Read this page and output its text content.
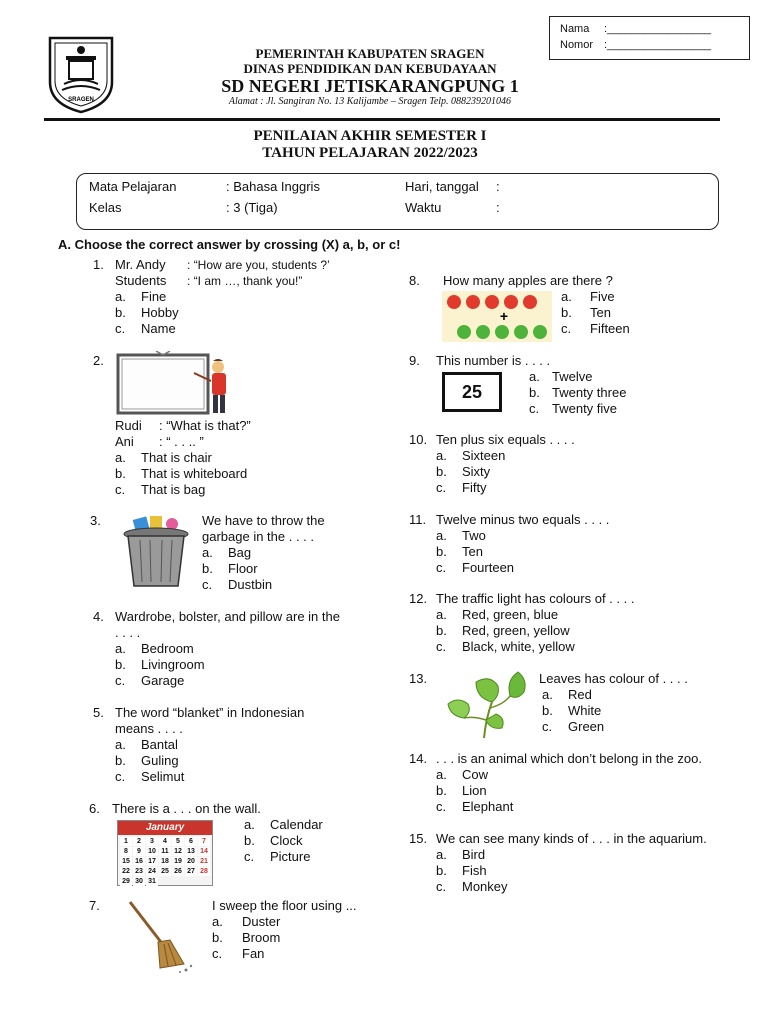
Nama	:_________________
Nomor :_________________
SRAGEN
PEMERINTAH KABUPATEN SRAGEN
DINAS PENDIDIKAN DAN KEBUDAYAAN
SD NEGERI JETISKARANGPUNG 1
Alamat : Jl. Sangiran No. 13 Kalijambe – Sragen Telp. 088239201046
PENILAIAN AKHIR SEMESTER I
TAHUN PELAJARAN 2022/2023
Mata Pelajaran	: Bahasa Inggris	Hari, tanggal :
Kelas	: 3 (Tiga)	Waktu	:
A. Choose the correct answer by crossing (X) a, b, or c!
1. Mr. Andy	: “How are you, students ?’
Students	: “I am …, thank you!”
a.	Fine
b.	Hobby
c.	Name
2.
Rudi	: “What is that?”
Ani	: “ . . .. ”
a.	That is chair
b.	That is whiteboard
c.	That is bag
3.	We have to throw the
garbage in the . . . .
a.	Bag
b.	Floor
c.	Dustbin
4. Wardrobe, bolster, and pillow are in the
. . . .
a.	Bedroom
b.	Livingroom
c.	Garage
5. The word “blanket” in Indonesian
means . . . .
a.	Bantal
b.	Guling
c.	Selimut
6. There is a . . . on the wall.
January
1	2	3	4	5	6	7
8	9	10 11 12 13 14
15 16 17 18 19 20 21
22 23 24 25 26 27 28
29 30 31
a.	Calendar
b.	Clock
c.	Picture
7.	I sweep the floor using ...
a.	Duster
b.	Broom
c.	Fan
8.	How many apples are there ?
+
a.	Five
b.	Ten
c.	Fifteen
9.	This number is . . . .
25
a. Twelve
b. Twenty three
c. Twenty five
10. Ten plus six equals . . . .
a.	Sixteen
b.	Sixty
c.	Fifty
11. Twelve minus two equals . . . .
a.	Two
b.	Ten
c.	Fourteen
12. The traffic light has colours of . . . .
a.	Red, green, blue
b.	Red, green, yellow
c.	Black, white, yellow
13.	Leaves has colour of . . . .
a.	Red
b.	White
c.	Green
14. . . . is an animal which don’t belong in the zoo.
a.	Cow
b.	Lion
c.	Elephant
15. We can see many kinds of . . . in the aquarium.
a.	Bird
b.	Fish
c.	Monkey
